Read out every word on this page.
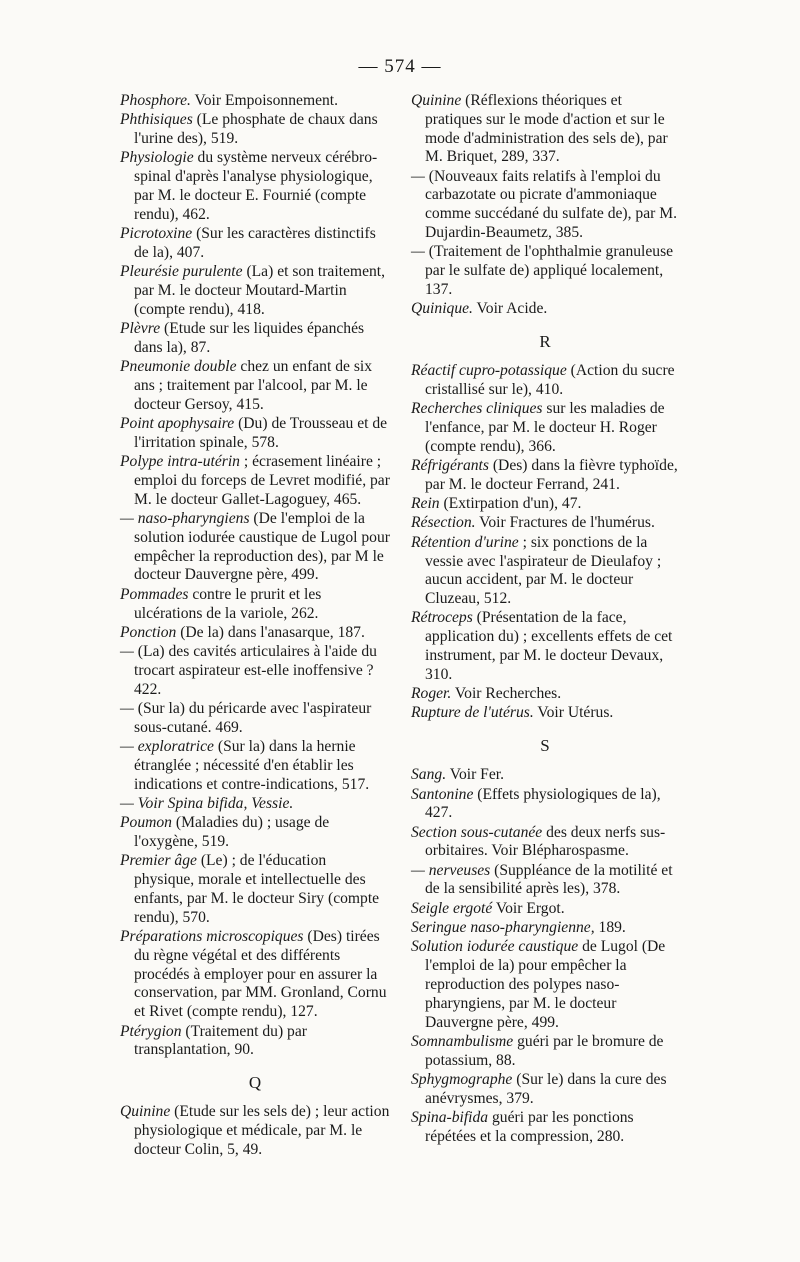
— 574 —
Phosphore. Voir Empoisonnement.
Phthisiques (Le phosphate de chaux dans l'urine des), 519.
Physiologie du système nerveux cérébro-spinal d'après l'analyse physiologique, par M. le docteur E. Fournié (compte rendu), 462.
Picrotoxine (Sur les caractères distinctifs de la), 407.
Pleurésie purulente (La) et son traitement, par M. le docteur Moutard-Martin (compte rendu), 418.
Plèvre (Etude sur les liquides épanchés dans la), 87.
Pneumonie double chez un enfant de six ans ; traitement par l'alcool, par M. le docteur Gersoy, 415.
Point apophysaire (Du) de Trousseau et de l'irritation spinale, 578.
Polype intra-utérin ; écrasement linéaire ; emploi du forceps de Levret modifié, par M. le docteur Gallet-Lagoguey, 465.
— naso-pharyngiens (De l'emploi de la solution iodurée caustique de Lugol pour empêcher la reproduction des), par M le docteur Dauvergne père, 499.
Pommades contre le prurit et les ulcérations de la variole, 262.
Ponction (De la) dans l'anasarque, 187.
— (La) des cavités articulaires à l'aide du trocart aspirateur est-elle inoffensive ? 422.
— (Sur la) du péricarde avec l'aspirateur sous-cutané. 469.
— exploratrice (Sur la) dans la hernie étranglée ; nécessité d'en établir les indications et contre-indications, 517.
— Voir Spina bifida, Vessie.
Poumon (Maladies du) ; usage de l'oxygène, 519.
Premier âge (Le) ; de l'éducation physique, morale et intellectuelle des enfants, par M. le docteur Siry (compte rendu), 570.
Préparations microscopiques (Des) tirées du règne végétal et des différents procédés à employer pour en assurer la conservation, par MM. Gronland, Cornu et Rivet (compte rendu), 127.
Ptérygion (Traitement du) par transplantation, 90.
Q
Quinine (Etude sur les sels de) ; leur action physiologique et médicale, par M. le docteur Colin, 5, 49.
Quinine (Réflexions théoriques et pratiques sur le mode d'action et sur le mode d'administration des sels de), par M. Briquet, 289, 337.
— (Nouveaux faits relatifs à l'emploi du carbazotate ou picrate d'ammoniaque comme succédané du sulfate de), par M. Dujardin-Beaumetz, 385.
— (Traitement de l'ophthalmie granuleuse par le sulfate de) appliqué localement, 137.
Quinique. Voir Acide.
R
Réactif cupro-potassique (Action du sucre cristallisé sur le), 410.
Recherches cliniques sur les maladies de l'enfance, par M. le docteur H. Roger (compte rendu), 366.
Réfrigérants (Des) dans la fièvre typhoïde, par M. le docteur Ferrand, 241.
Rein (Extirpation d'un), 47.
Résection. Voir Fractures de l'humérus.
Rétention d'urine ; six ponctions de la vessie avec l'aspirateur de Dieulafoy ; aucun accident, par M. le docteur Cluzeau, 512.
Rétroceps (Présentation de la face, application du) ; excellents effets de cet instrument, par M. le docteur Devaux, 310.
Roger. Voir Recherches.
Rupture de l'utérus. Voir Utérus.
S
Sang. Voir Fer.
Santonine (Effets physiologiques de la), 427.
Section sous-cutanée des deux nerfs sus-orbitaires. Voir Blépharospasme.
— nerveuses (Suppléance de la motilité et de la sensibilité après les), 378.
Seigle ergoté Voir Ergot.
Seringue naso-pharyngienne, 189.
Solution iodurée caustique de Lugol (De l'emploi de la) pour empêcher la reproduction des polypes naso-pharyngiens, par M. le docteur Dauvergne père, 499.
Somnambulisme guéri par le bromure de potassium, 88.
Sphygmographe (Sur le) dans la cure des anévrysmes, 379.
Spina-bifida guéri par les ponctions répétées et la compression, 280.
